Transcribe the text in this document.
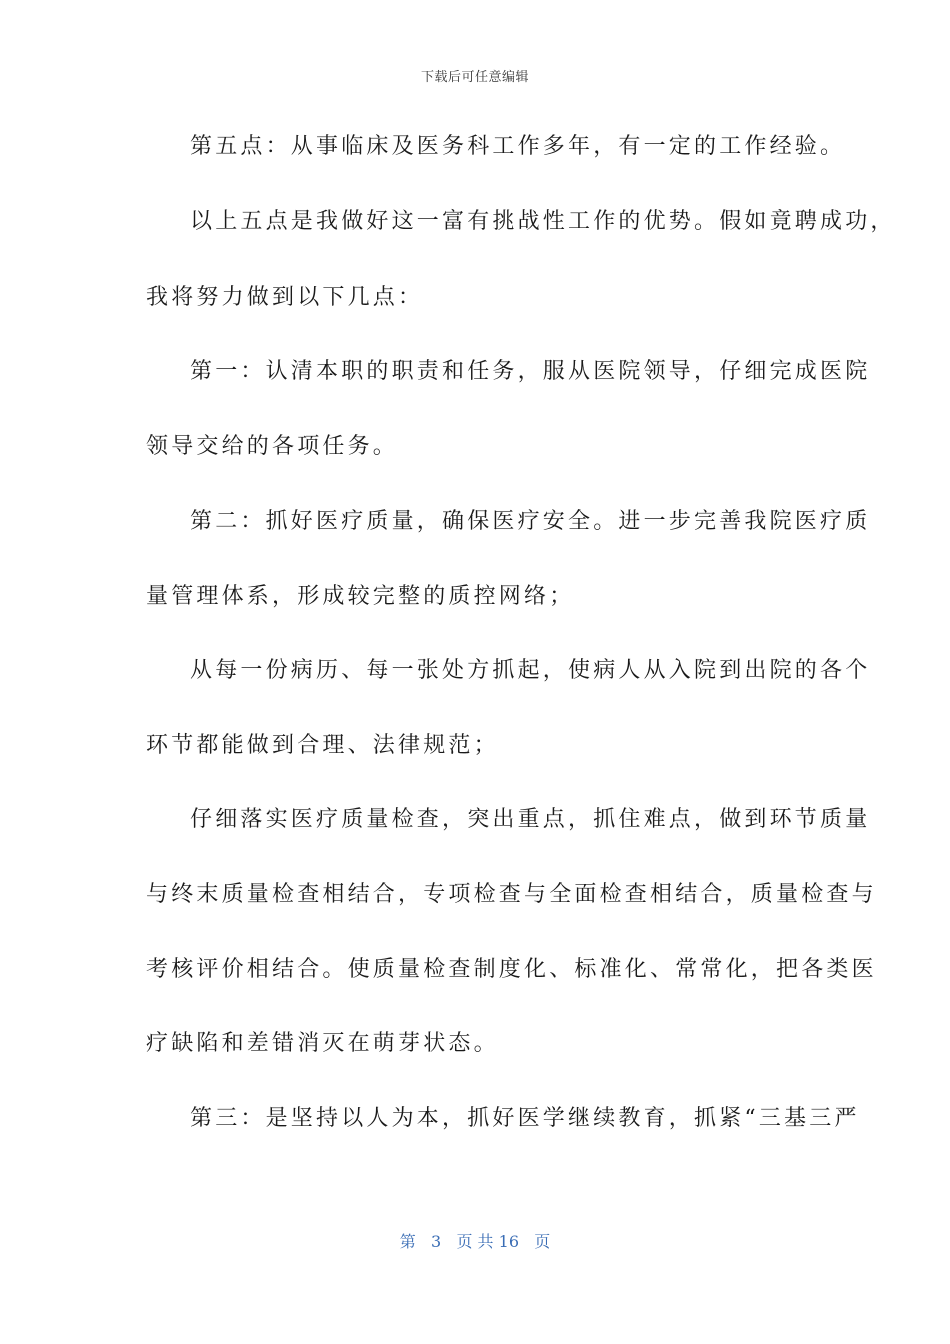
下载后可任意编辑
第五点：从事临床及医务科工作多年，有一定的工作经验。
以上五点是我做好这一富有挑战性工作的优势。假如竟聘成功，
我将努力做到以下几点：
第一：认清本职的职责和任务，服从医院领导，仔细完成医院
领导交给的各项任务。
第二：抓好医疗质量，确保医疗安全。进一步完善我院医疗质
量管理体系，形成较完整的质控网络；
从每一份病历、每一张处方抓起，使病人从入院到出院的各个
环节都能做到合理、法律规范；
仔细落实医疗质量检查，突出重点，抓住难点，做到环节质量
与终末质量检查相结合，专项检查与全面检查相结合，质量检查与
考核评价相结合。使质量检查制度化、标准化、常常化，把各类医
疗缺陷和差错消灭在萌芽状态。
第三：是坚持以人为本，抓好医学继续教育，抓紧“三基三严
第 3 页 共 16 页
